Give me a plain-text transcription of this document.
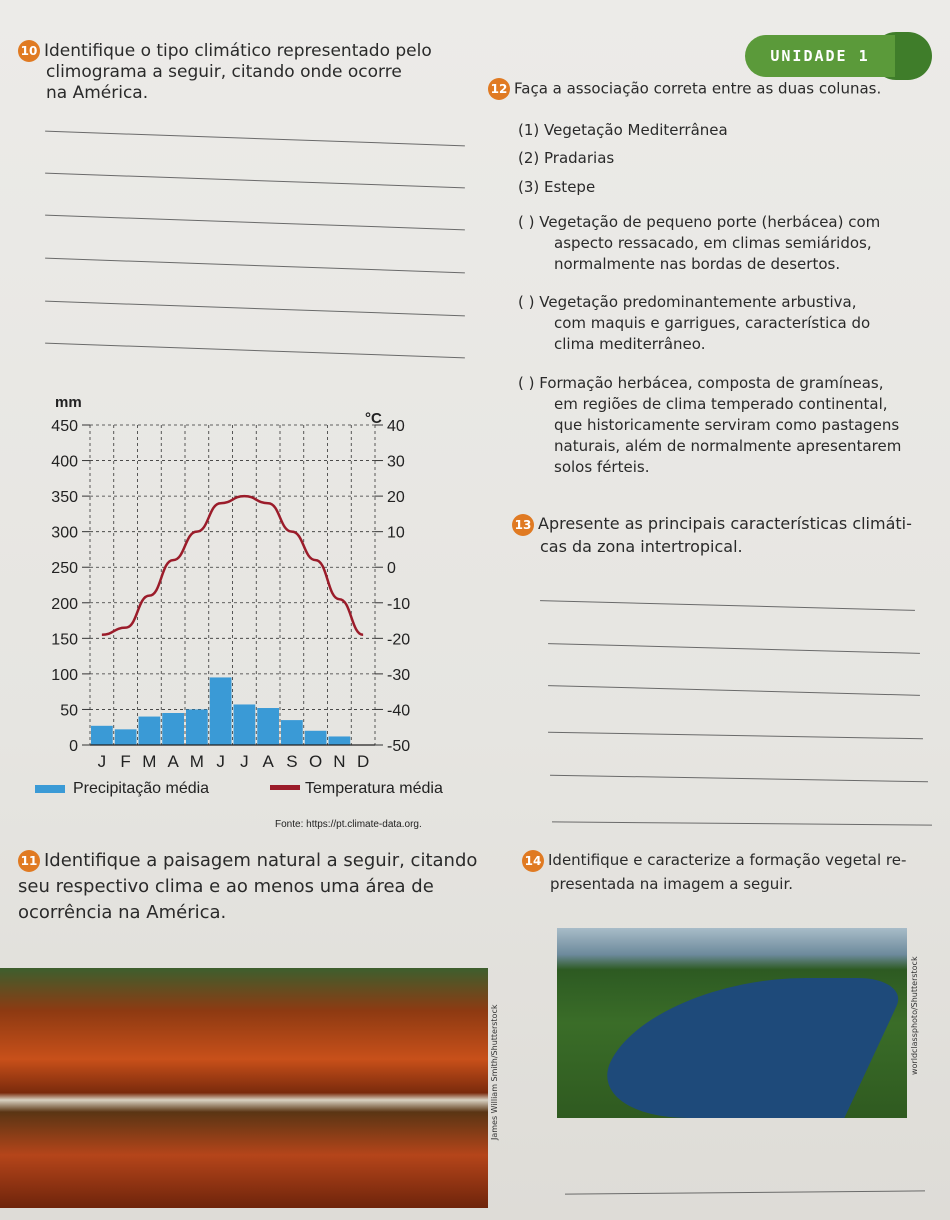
UNIDADE 1
10 Identifique o tipo climático representado pelo
climograma a seguir, citando onde ocorre
na América.	12 Faça a associação correta entre as duas colunas.
(1) Vegetação Mediterrânea
(2) Pradarias
(3) Estepe
( ) Vegetação de pequeno porte (herbácea) com
aspecto ressacado, em climas semiáridos,
normalmente nas bordas de desertos.
( ) Vegetação predominantemente arbustiva,
com maquis e garrigues, característica do
clima mediterrâneo.
( ) Formação herbácea, composta de gramíneas,
em regiões de clima temperado continental,
que historicamente serviram como pastagens
naturais, além de normalmente apresentarem
solos férteis.
13 Apresente as principais características climáti-
cas da zona intertropical.
0
50
100
150
200
250
300
350
400
450	40
30
20
10
0
-10
-20
-30
-40
-50
mm
°C
J F M A M J J A S O N D
Precipitação média	Temperatura média
Fonte: https://pt.climate-data.org.
11 Identifique a paisagem natural a seguir, citando
seu respectivo clima e ao menos uma área de
ocorrência na América.
14 Identifique e caracterize a formação vegetal re-
presentada na imagem a seguir.
James William Smith/Shutterstock	worldclassphoto/Shutterstock
